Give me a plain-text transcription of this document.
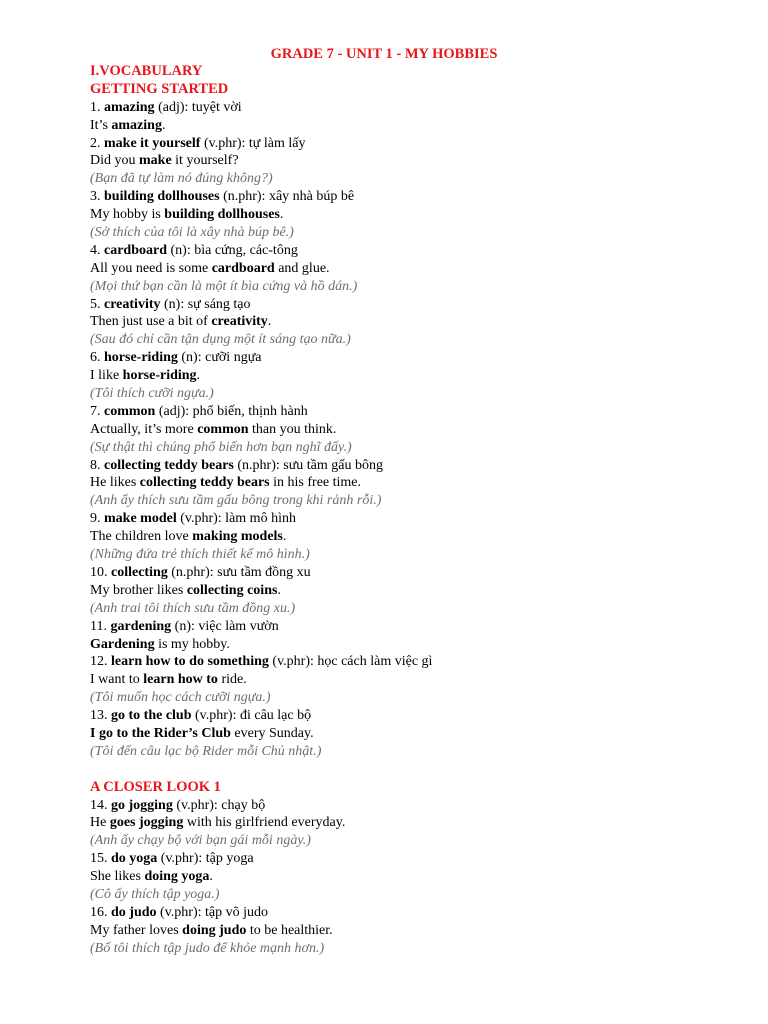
GRADE 7 - UNIT 1 - MY HOBBIES
I.VOCABULARY
GETTING STARTED
1. amazing (adj): tuyệt vời
It’s amazing.
2. make it yourself (v.phr): tự làm lấy
Did you make it yourself?
(Bạn đã tự làm nó đúng không?)
3. building dollhouses (n.phr): xây nhà búp bê
My hobby is building dollhouses.
(Sở thích của tôi là xây nhà búp bê.)
4. cardboard (n): bìa cứng, các-tông
All you need is some cardboard and glue.
(Mọi thứ bạn cần là một ít bìa cứng và hồ dán.)
5. creativity (n): sự sáng tạo
Then just use a bit of creativity.
(Sau đó chỉ cần tận dụng một ít sáng tạo nữa.)
6. horse-riding (n): cưỡi ngựa
I like horse-riding.
(Tôi thích cưỡi ngựa.)
7. common (adj): phổ biến, thịnh hành
Actually, it’s more common than you think.
(Sự thật thì chúng phổ biến hơn bạn nghĩ đấy.)
8. collecting teddy bears (n.phr): sưu tầm gấu bông
He likes collecting teddy bears in his free time.
(Anh ấy thích sưu tầm gấu bông trong khi rảnh rỗi.)
9. make model (v.phr): làm mô hình
The children love making models.
(Những đứa trẻ thích thiết kế mô hình.)
10. collecting (n.phr): sưu tầm đồng xu
My brother likes collecting coins.
(Anh trai tôi thích sưu tầm đồng xu.)
11. gardening (n): việc làm vườn
Gardening is my hobby.
12. learn how to do something (v.phr): học cách làm việc gì
I want to learn how to ride.
(Tôi muốn học cách cưỡi ngựa.)
13. go to the club (v.phr): đi câu lạc bộ
I go to the Rider’s Club every Sunday.
(Tôi đến câu lạc bộ Rider mỗi Chủ nhật.)
A CLOSER LOOK 1
14. go jogging (v.phr): chạy bộ
He goes jogging with his girlfriend everyday.
(Anh ấy chạy bộ với bạn gái mỗi ngày.)
15. do yoga (v.phr): tập yoga
She likes doing yoga.
(Cô ấy thích tập yoga.)
16. do judo (v.phr): tập võ judo
My father loves doing judo to be healthier.
(Bố tôi thích tập judo để khỏe mạnh hơn.)
